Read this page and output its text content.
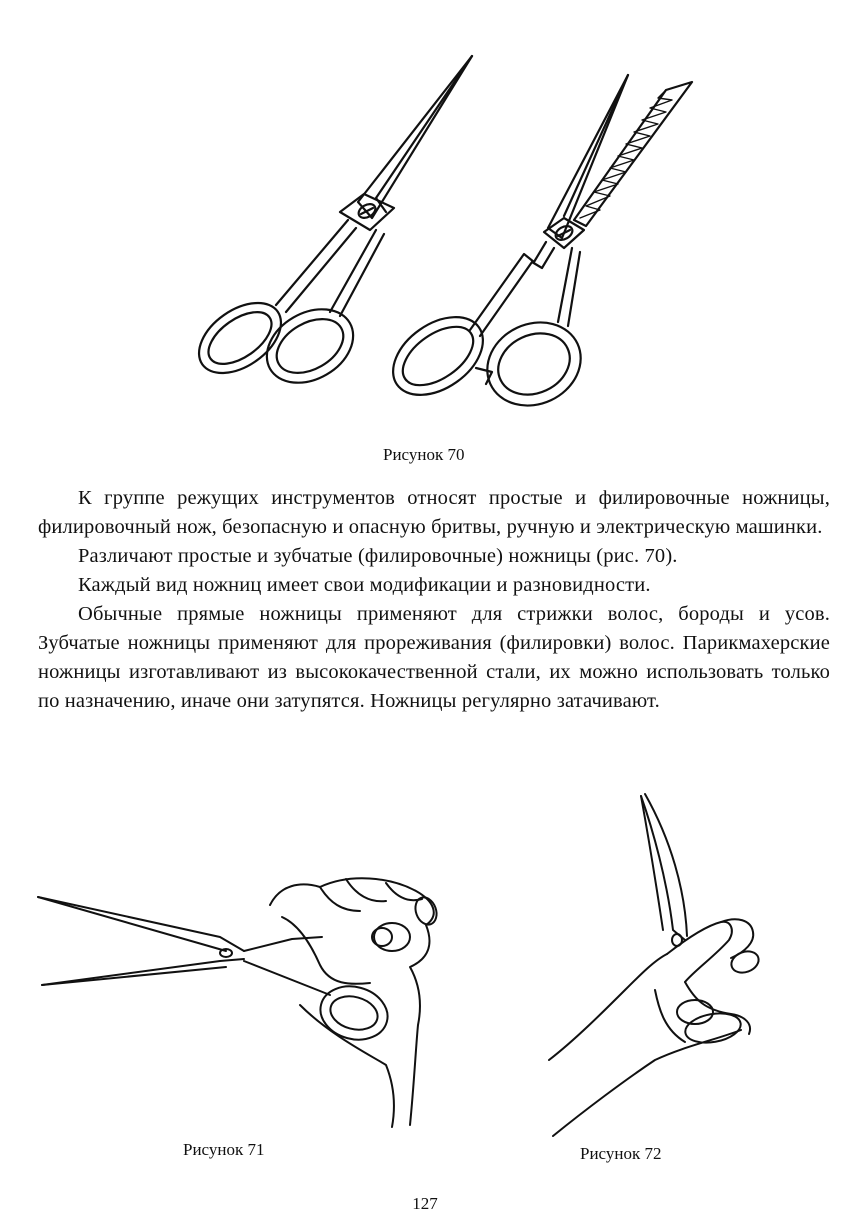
Рисунок 70

К группе режущих инструментов относят простые и филировочные ножницы, филировочный нож, безопасную и опасную бритвы, ручную и электрическую машинки.

Различают простые и зубчатые (филировочные) ножницы (рис. 70).

Каждый вид ножниц имеет свои модификации и разновидности.

Обычные прямые ножницы применяют для стрижки волос, бороды и усов. Зубчатые ножницы применяют для прореживания (филировки) волос. Парикмахерские ножницы изготавливают из высококачественной стали, их можно использовать только по назначению, иначе они затупятся. Ножницы регулярно затачивают.

Рисунок 71	Рисунок 72
127
